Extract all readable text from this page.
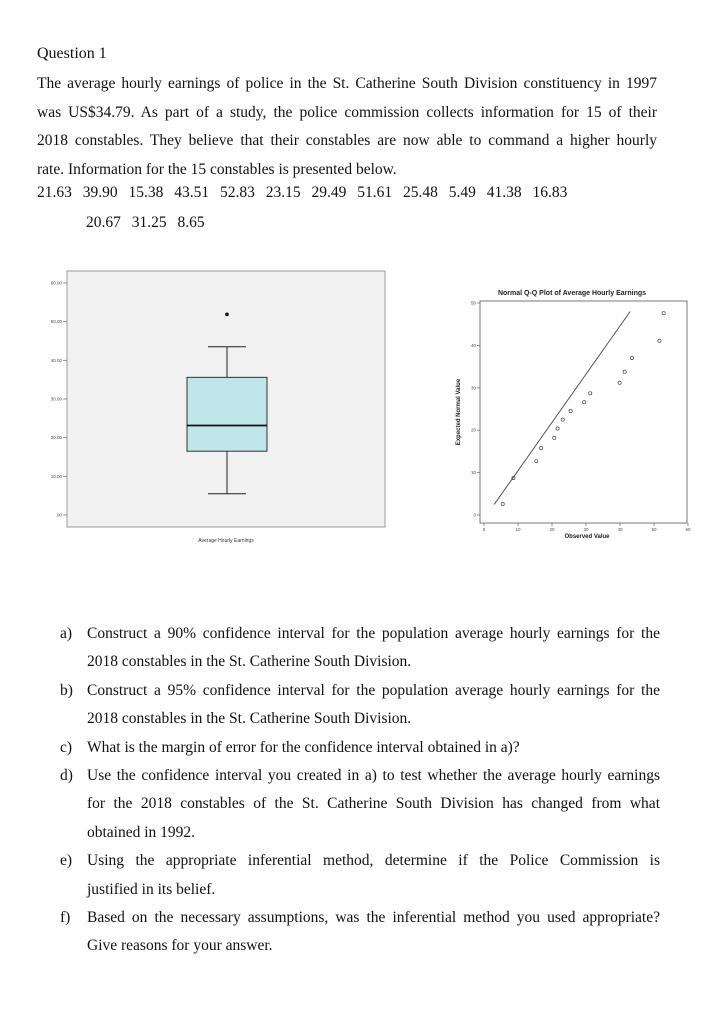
Question 1

The average hourly earnings of police in the St. Catherine South Division constituency in 1997

was US$34.79. As part of a study, the police commission collects information for 15 of their

2018 constables. They believe that their constables are now able to command a higher hourly

rate. Information for the 15 constables is presented below.

21.63 39.90 15.38 43.51 52.83 23.15 29.49 51.61 25.48 5.49 41.38 16.83
20.67 31.25 8.65
60.00
50.00
40.00
30.00
20.00
10.00
.00
Average Hourly Earnings
Normal Q-Q Plot of Average Hourly Earnings
Expected Normal Value
Observed Value
0	10	20	30	40	50	60
0
10
20
30
40
50
a) Construct a 90% confidence interval for the population average hourly earnings for the
2018 constables in the St. Catherine South Division.
b) Construct a 95% confidence interval for the population average hourly earnings for the
2018 constables in the St. Catherine South Division.
c) What is the margin of error for the confidence interval obtained in a)?
d) Use the confidence interval you created in a) to test whether the average hourly earnings
for the 2018 constables of the St. Catherine South Division has changed from what
obtained in 1992.
e) Using the appropriate inferential method, determine if the Police Commission is
justified in its belief.
f) Based on the necessary assumptions, was the inferential method you used appropriate?
Give reasons for your answer.
